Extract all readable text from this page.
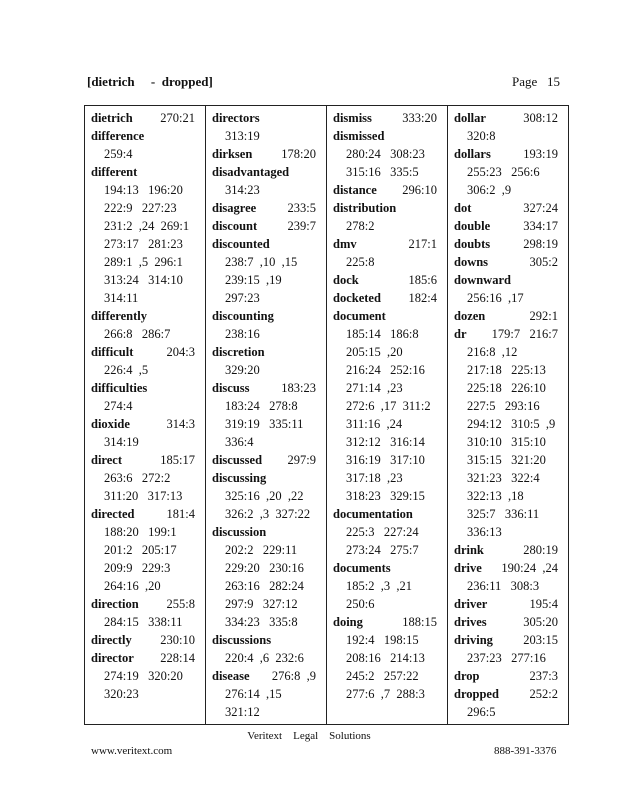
[dietrich     -  dropped]	Page   15
dietrich 270:21
difference
259:4
different
194:13   196:20
222:9   227:23
231:2  ,24  269:1
273:17   281:23
289:1  ,5  296:1
313:24   314:10
314:11
differently
266:8   286:7
difficult	204:3
226:4  ,5
difficulties
274:4
dioxide	314:3
314:19
direct	185:17
263:6   272:2
311:20   317:13
directed	181:4
188:20   199:1
201:2   205:17
209:9   229:3
264:16  ,20
direction 255:8
284:15   338:11
directly 230:10
director 228:14
274:19   320:20
320:23
directors
313:19
dirksen 178:20
disadvantaged
314:23
disagree	233:5
discount 239:7
discounted
238:7  ,10  ,15
239:15  ,19
297:23
discounting
238:16
discretion
329:20
discuss	183:23
183:24   278:8
319:19   335:11
336:4
discussed 297:9
discussing
325:16  ,20  ,22
326:2  ,3  327:22
discussion
202:2   229:11
229:20   230:16
263:16   282:24
297:9   327:12
334:23   335:8
discussions
220:4  ,6  232:6
disease 276:8  ,9
276:14  ,15
321:12
dismiss 333:20
dismissed
280:24   308:23
315:16   335:5
distance 296:10
distribution
278:2
dmv	217:1
225:8
dock	185:6
docketed 182:4
document
185:14   186:8
205:15  ,20
216:24   252:16
271:14  ,23
272:6  ,17  311:2
311:16  ,24
312:12   316:14
316:19   317:10
317:18  ,23
318:23   329:15
documentation
225:3   227:24
273:24   275:7
documents
185:2  ,3  ,21
250:6
doing	188:15
192:4   198:15
208:16   214:13
245:2   257:22
277:6  ,7  288:3
dollar	308:12
320:8
dollars	193:19
255:23   256:6
306:2  ,9
dot	327:24
double	334:17
doubts	298:19
downs	305:2
downward
256:16  ,17
dozen	292:1
dr 179:7   216:7
216:8  ,12
217:18   225:13
225:18   226:10
227:5   293:16
294:12   310:5  ,9
310:10   315:10
315:15   321:20
321:23   322:4
322:13  ,18
325:7   336:11
336:13
drink	280:19
drive 190:24  ,24
236:11   308:3
driver	195:4
drives	305:20
driving 203:15
237:23   277:16
drop	237:3
dropped 252:2
296:5
Veritext    Legal    Solutions
www.veritext.com	888-391-3376
